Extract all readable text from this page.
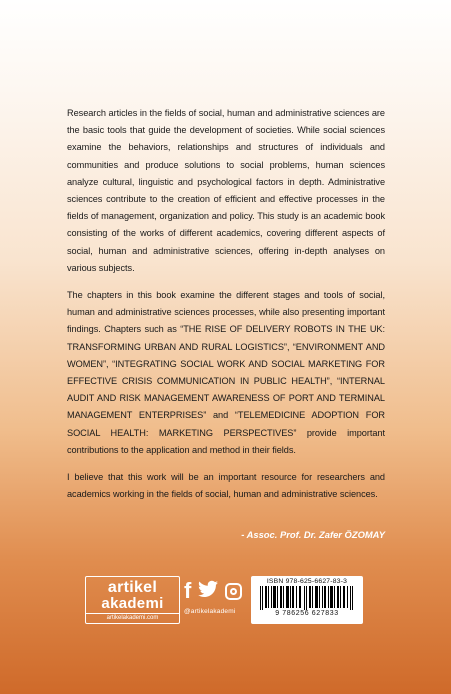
Research articles in the fields of social, human and administrative sciences are the basic tools that guide the development of societies. While social sciences examine the behaviors, relationships and structures of individuals and communities and produce solutions to social problems, human sciences analyze cultural, linguistic and psychological factors in depth. Administrative sciences contribute to the creation of efficient and effective processes in the fields of management, organization and policy. This study is an academic book consisting of the works of different academics, covering different aspects of social, human and administrative sciences, offering in-depth analyses on various subjects.

The chapters in this book examine the different stages and tools of social, human and administrative sciences processes, while also presenting important findings. Chapters such as “THE RISE OF DELIVERY ROBOTS IN THE UK: TRANSFORMING URBAN AND RURAL LOGISTICS”, “ENVIRONMENT AND WOMEN”, “INTEGRATING SOCIAL WORK AND SOCIAL MARKETING FOR EFFECTIVE CRISIS COMMUNICATION IN PUBLIC HEALTH”, “INTERNAL AUDIT AND RISK MANAGEMENT AWARENESS OF PORT AND TERMINAL MANAGEMENT ENTERPRISES” and “TELEMEDICINE ADOPTION FOR SOCIAL HEALTH: MARKETING PERSPECTIVES” provide important contributions to the application and method in their fields.

I believe that this work will be an important resource for researchers and academics working in the fields of social, human and administrative sciences.

- Assoc. Prof. Dr. Zafer ÖZOMAY
artikel
akademi
artikelakademi.com
f
@artikelakademi
ISBN 978-625-6627-83-3
9 786256 627833
